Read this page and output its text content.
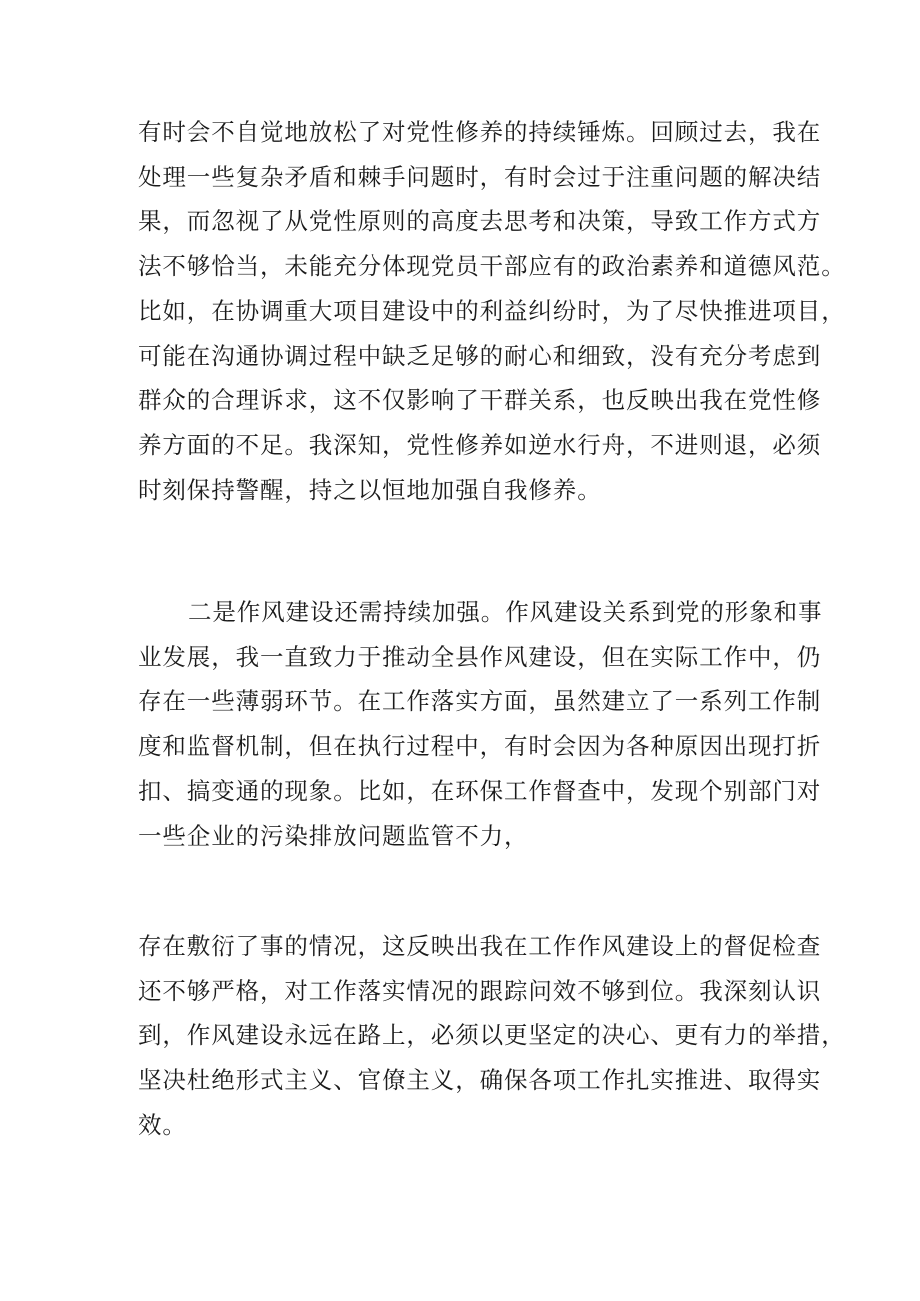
有时会不自觉地放松了对党性修养的持续锤炼。回顾过去，我在
处理一些复杂矛盾和棘手问题时，有时会过于注重问题的解决结
果，而忽视了从党性原则的高度去思考和决策，导致工作方式方
法不够恰当，未能充分体现党员干部应有的政治素养和道德风范。
比如，在协调重大项目建设中的利益纠纷时，为了尽快推进项目，
可能在沟通协调过程中缺乏足够的耐心和细致，没有充分考虑到
群众的合理诉求，这不仅影响了干群关系，也反映出我在党性修
养方面的不足。我深知，党性修养如逆水行舟，不进则退，必须
时刻保持警醒，持之以恒地加强自我修养。
二是作风建设还需持续加强。作风建设关系到党的形象和事
业发展，我一直致力于推动全县作风建设，但在实际工作中，仍
存在一些薄弱环节。在工作落实方面，虽然建立了一系列工作制
度和监督机制，但在执行过程中，有时会因为各种原因出现打折
扣、搞变通的现象。比如，在环保工作督查中，发现个别部门对
一些企业的污染排放问题监管不力，
存在敷衍了事的情况，这反映出我在工作作风建设上的督促检查
还不够严格，对工作落实情况的跟踪问效不够到位。我深刻认识
到，作风建设永远在路上，必须以更坚定的决心、更有力的举措，
坚决杜绝形式主义、官僚主义，确保各项工作扎实推进、取得实
效。
